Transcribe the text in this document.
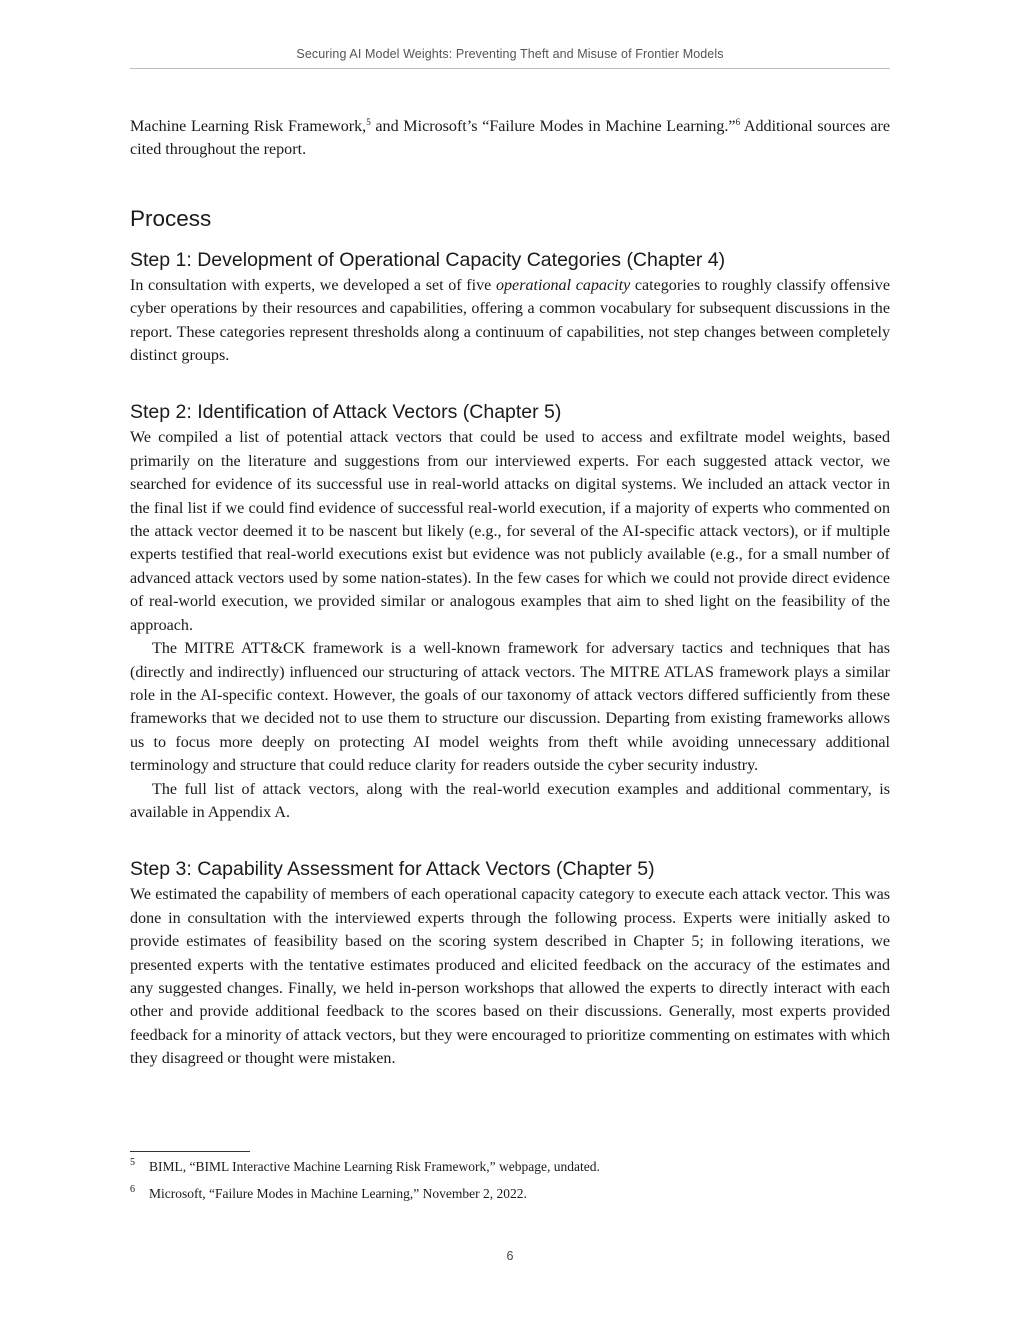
Securing AI Model Weights: Preventing Theft and Misuse of Frontier Models

Machine Learning Risk Framework,$^5$ and Microsoft’s “Failure Modes in Machine Learning.”$^6$ Additional sources are cited throughout the report.

Process
Step 1: Development of Operational Capacity Categories (Chapter 4)

In consultation with experts, we developed a set of five operational capacity categories to roughly classify offensive cyber operations by their resources and capabilities, offering a common vocabulary for subsequent discussions in the report. These categories represent thresholds along a continuum of capabilities, not step changes between completely distinct groups.

Step 2: Identification of Attack Vectors (Chapter 5)

We compiled a list of potential attack vectors that could be used to access and exfiltrate model weights, based primarily on the literature and suggestions from our interviewed experts. For each suggested attack vector, we searched for evidence of its successful use in real-world attacks on digital systems. We included an attack vector in the final list if we could find evidence of successful real-world execution, if a majority of experts who commented on the attack vector deemed it to be nascent but likely (e.g., for several of the AI-specific attack vectors), or if multiple experts testified that real-world executions exist but evidence was not publicly available (e.g., for a small number of advanced attack vectors used by some nation-states). In the few cases for which we could not provide direct evidence of real-world execution, we provided similar or analogous examples that aim to shed light on the feasibility of the approach.

The MITRE ATT&CK framework is a well-known framework for adversary tactics and techniques that has (directly and indirectly) influenced our structuring of attack vectors. The MITRE ATLAS framework plays a similar role in the AI-specific context. However, the goals of our taxonomy of attack vectors differed sufficiently from these frameworks that we decided not to use them to structure our discussion. Departing from existing frameworks allows us to focus more deeply on protecting AI model weights from theft while avoiding unnecessary additional terminology and structure that could reduce clarity for readers outside the cyber security industry.

The full list of attack vectors, along with the real-world execution examples and additional commentary, is available in Appendix A.

Step 3: Capability Assessment for Attack Vectors (Chapter 5)

We estimated the capability of members of each operational capacity category to execute each attack vector. This was done in consultation with the interviewed experts through the following process. Experts were initially asked to provide estimates of feasibility based on the scoring system described in Chapter 5; in following iterations, we presented experts with the tentative estimates produced and elicited feedback on the accuracy of the estimates and any suggested changes. Finally, we held in-person workshops that allowed the experts to directly interact with each other and provide additional feedback to the scores based on their discussions. Generally, most experts provided feedback for a minority of attack vectors, but they were encouraged to prioritize commenting on estimates with which they disagreed or thought were mistaken.

5 BIML, “BIML Interactive Machine Learning Risk Framework,” webpage, undated.
6 Microsoft, “Failure Modes in Machine Learning,” November 2, 2022.
6
